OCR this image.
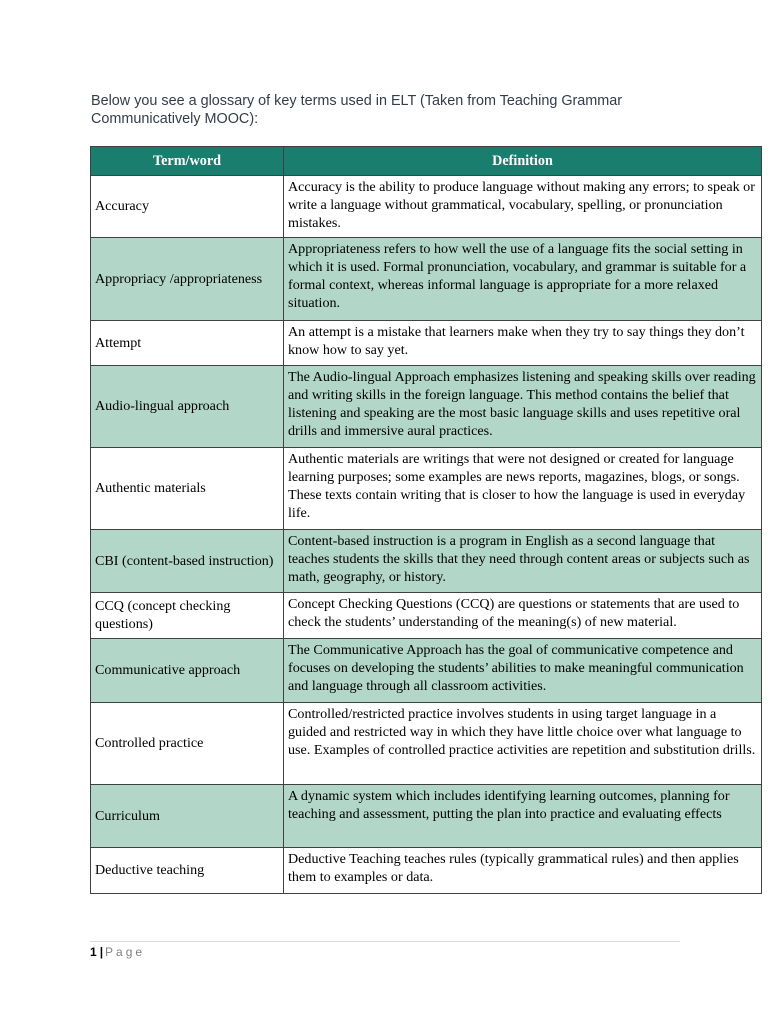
Below you see a glossary of key terms used in ELT (Taken from Teaching Grammar Communicatively MOOC):
Term/word	Definition
Accuracy	Accuracy is the ability to produce language without making any errors; to speak or write a language without grammatical, vocabulary, spelling, or pronunciation mistakes.
Appropriacy /appropriateness	Appropriateness refers to how well the use of a language fits the social setting in which it is used. Formal pronunciation, vocabulary, and grammar is suitable for a formal context, whereas informal language is appropriate for a more relaxed situation.
Attempt	An attempt is a mistake that learners make when they try to say things they don’t know how to say yet.
Audio-lingual approach	The Audio-lingual Approach emphasizes listening and speaking skills over reading and writing skills in the foreign language. This method contains the belief that listening and speaking are the most basic language skills and uses repetitive oral drills and immersive aural practices.
Authentic materials	Authentic materials are writings that were not designed or created for language learning purposes; some examples are news reports, magazines, blogs, or songs. These texts contain writing that is closer to how the language is used in everyday life.
CBI (content-based instruction)	Content-based instruction is a program in English as a second language that teaches students the skills that they need through content areas or subjects such as math, geography, or history.
CCQ (concept checking questions)	Concept Checking Questions (CCQ) are questions or statements that are used to check the students’ understanding of the meaning(s) of new material.
Communicative approach	The Communicative Approach has the goal of communicative competence and focuses on developing the students’ abilities to make meaningful communication and language through all classroom activities.
Controlled practice	Controlled/restricted practice involves students in using target language in a guided and restricted way in which they have little choice over what language to use. Examples of controlled practice activities are repetition and substitution drills.
Curriculum	A dynamic system which includes identifying learning outcomes, planning for teaching and assessment, putting the plan into practice and evaluating effects
Deductive teaching	Deductive Teaching teaches rules (typically grammatical rules) and then applies them to examples or data.
1 | Page
